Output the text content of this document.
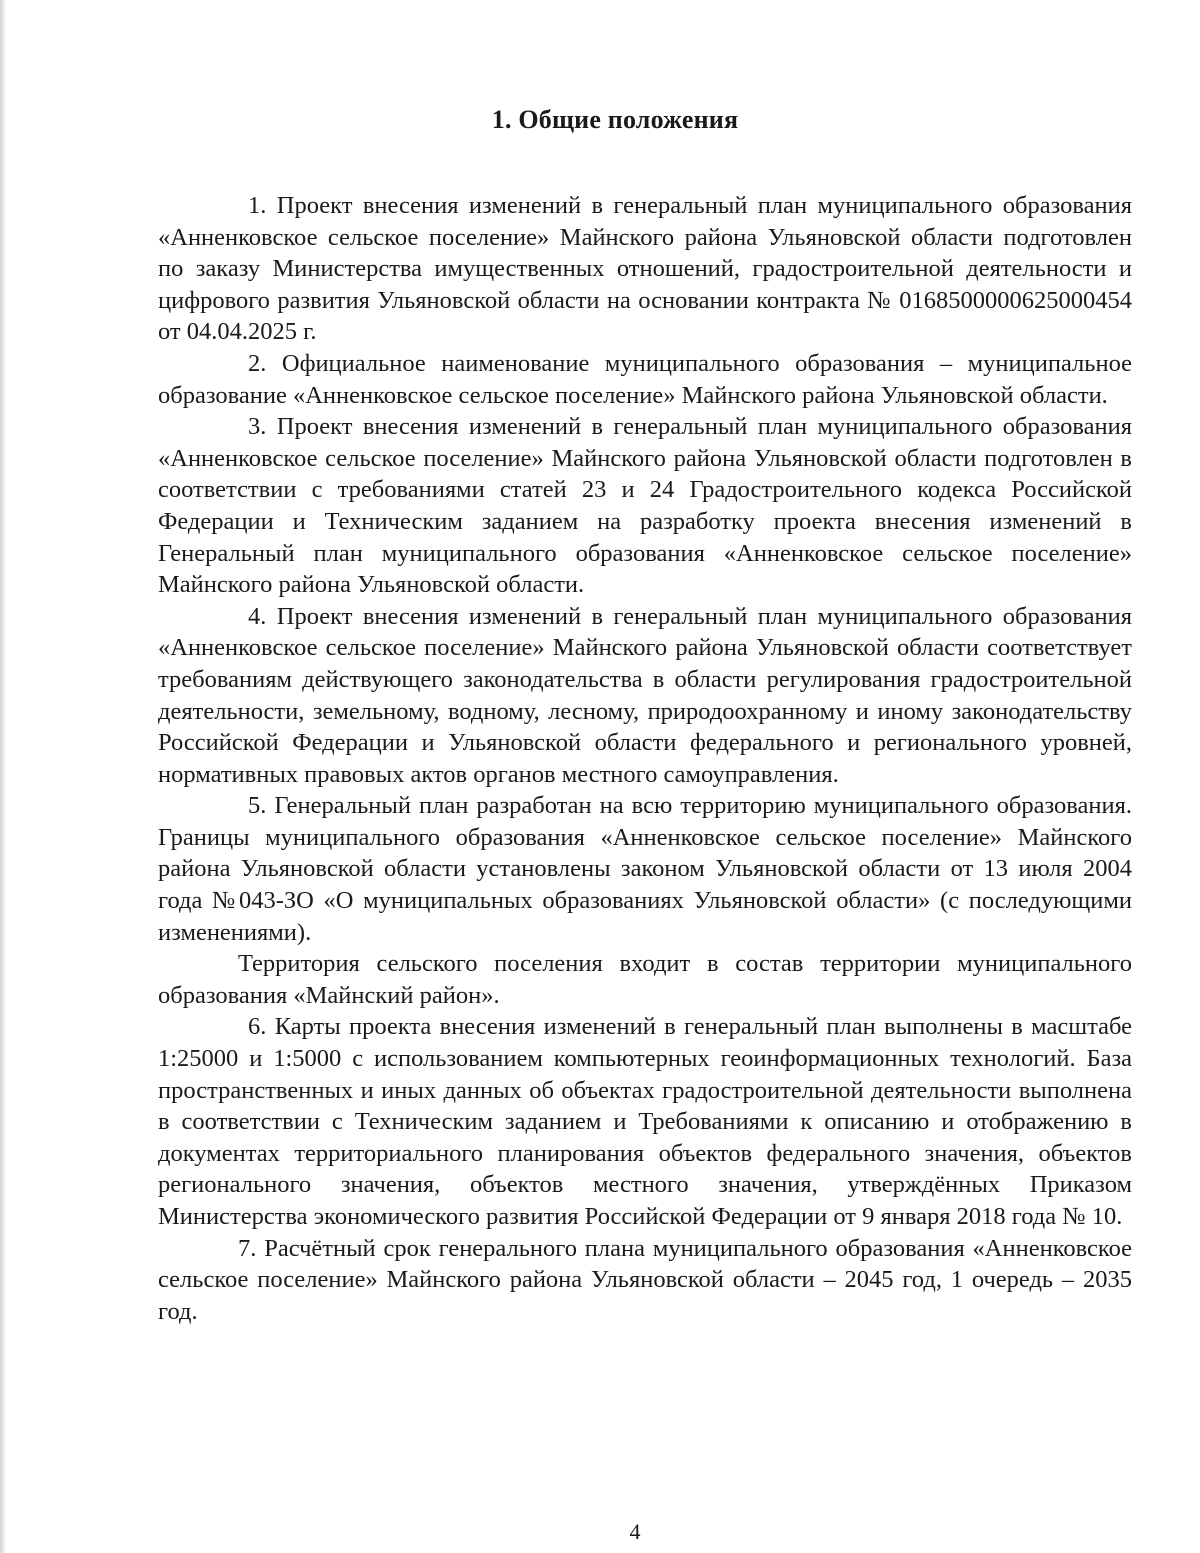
1. Общие положения

1. Проект внесения изменений в генеральный план муниципального образования «Анненковское сельское поселение» Майнского района Ульяновской области подготовлен по заказу Министерства имущественных отношений, градостроительной деятельности и цифрового развития Ульяновской области на основании контракта № 0168500000625000454 от 04.04.2025 г.

2. Официальное наименование муниципального образования – муниципальное образование «Анненковское сельское поселение» Майнского района Ульяновской области.

3. Проект внесения изменений в генеральный план муниципального образования «Анненковское сельское поселение» Майнского района Ульяновской области подготовлен в соответствии с требованиями статей 23 и 24 Градостроительного кодекса Российской Федерации и Техническим заданием на разработку проекта внесения изменений в Генеральный план муниципального образования «Анненковское сельское поселение» Майнского района Ульяновской области.

4. Проект внесения изменений в генеральный план муниципального образования «Анненковское сельское поселение» Майнского района Ульяновской области соответствует требованиям действующего законодательства в области регулирования градостроительной деятельности, земельному, водному, лесному, природоохранному и иному законодательству Российской Федерации и Ульяновской области федерального и регионального уровней, нормативных правовых актов органов местного самоуправления.

5. Генеральный план разработан на всю территорию муниципального образования. Границы муниципального образования «Анненковское сельское поселение» Майнского района Ульяновской области установлены законом Ульяновской области от 13 июля 2004 года №043-ЗО «О муниципальных образованиях Ульяновской области» (с последующими изменениями).

Территория сельского поселения входит в состав территории муниципального образования «Майнский район».

6. Карты проекта внесения изменений в генеральный план выполнены в масштабе 1:25000 и 1:5000 с использованием компьютерных геоинформационных технологий. База пространственных и иных данных об объектах градостроительной деятельности выполнена в соответствии с Техническим заданием и Требованиями к описанию и отображению в документах территориального планирования объектов федерального значения, объектов регионального значения, объектов местного значения, утверждённых Приказом Министерства экономического развития Российской Федерации от 9 января 2018 года № 10.

7. Расчётный срок генерального плана муниципального образования «Анненковское сельское поселение» Майнского района Ульяновской области – 2045 год, 1 очередь – 2035 год.

4
